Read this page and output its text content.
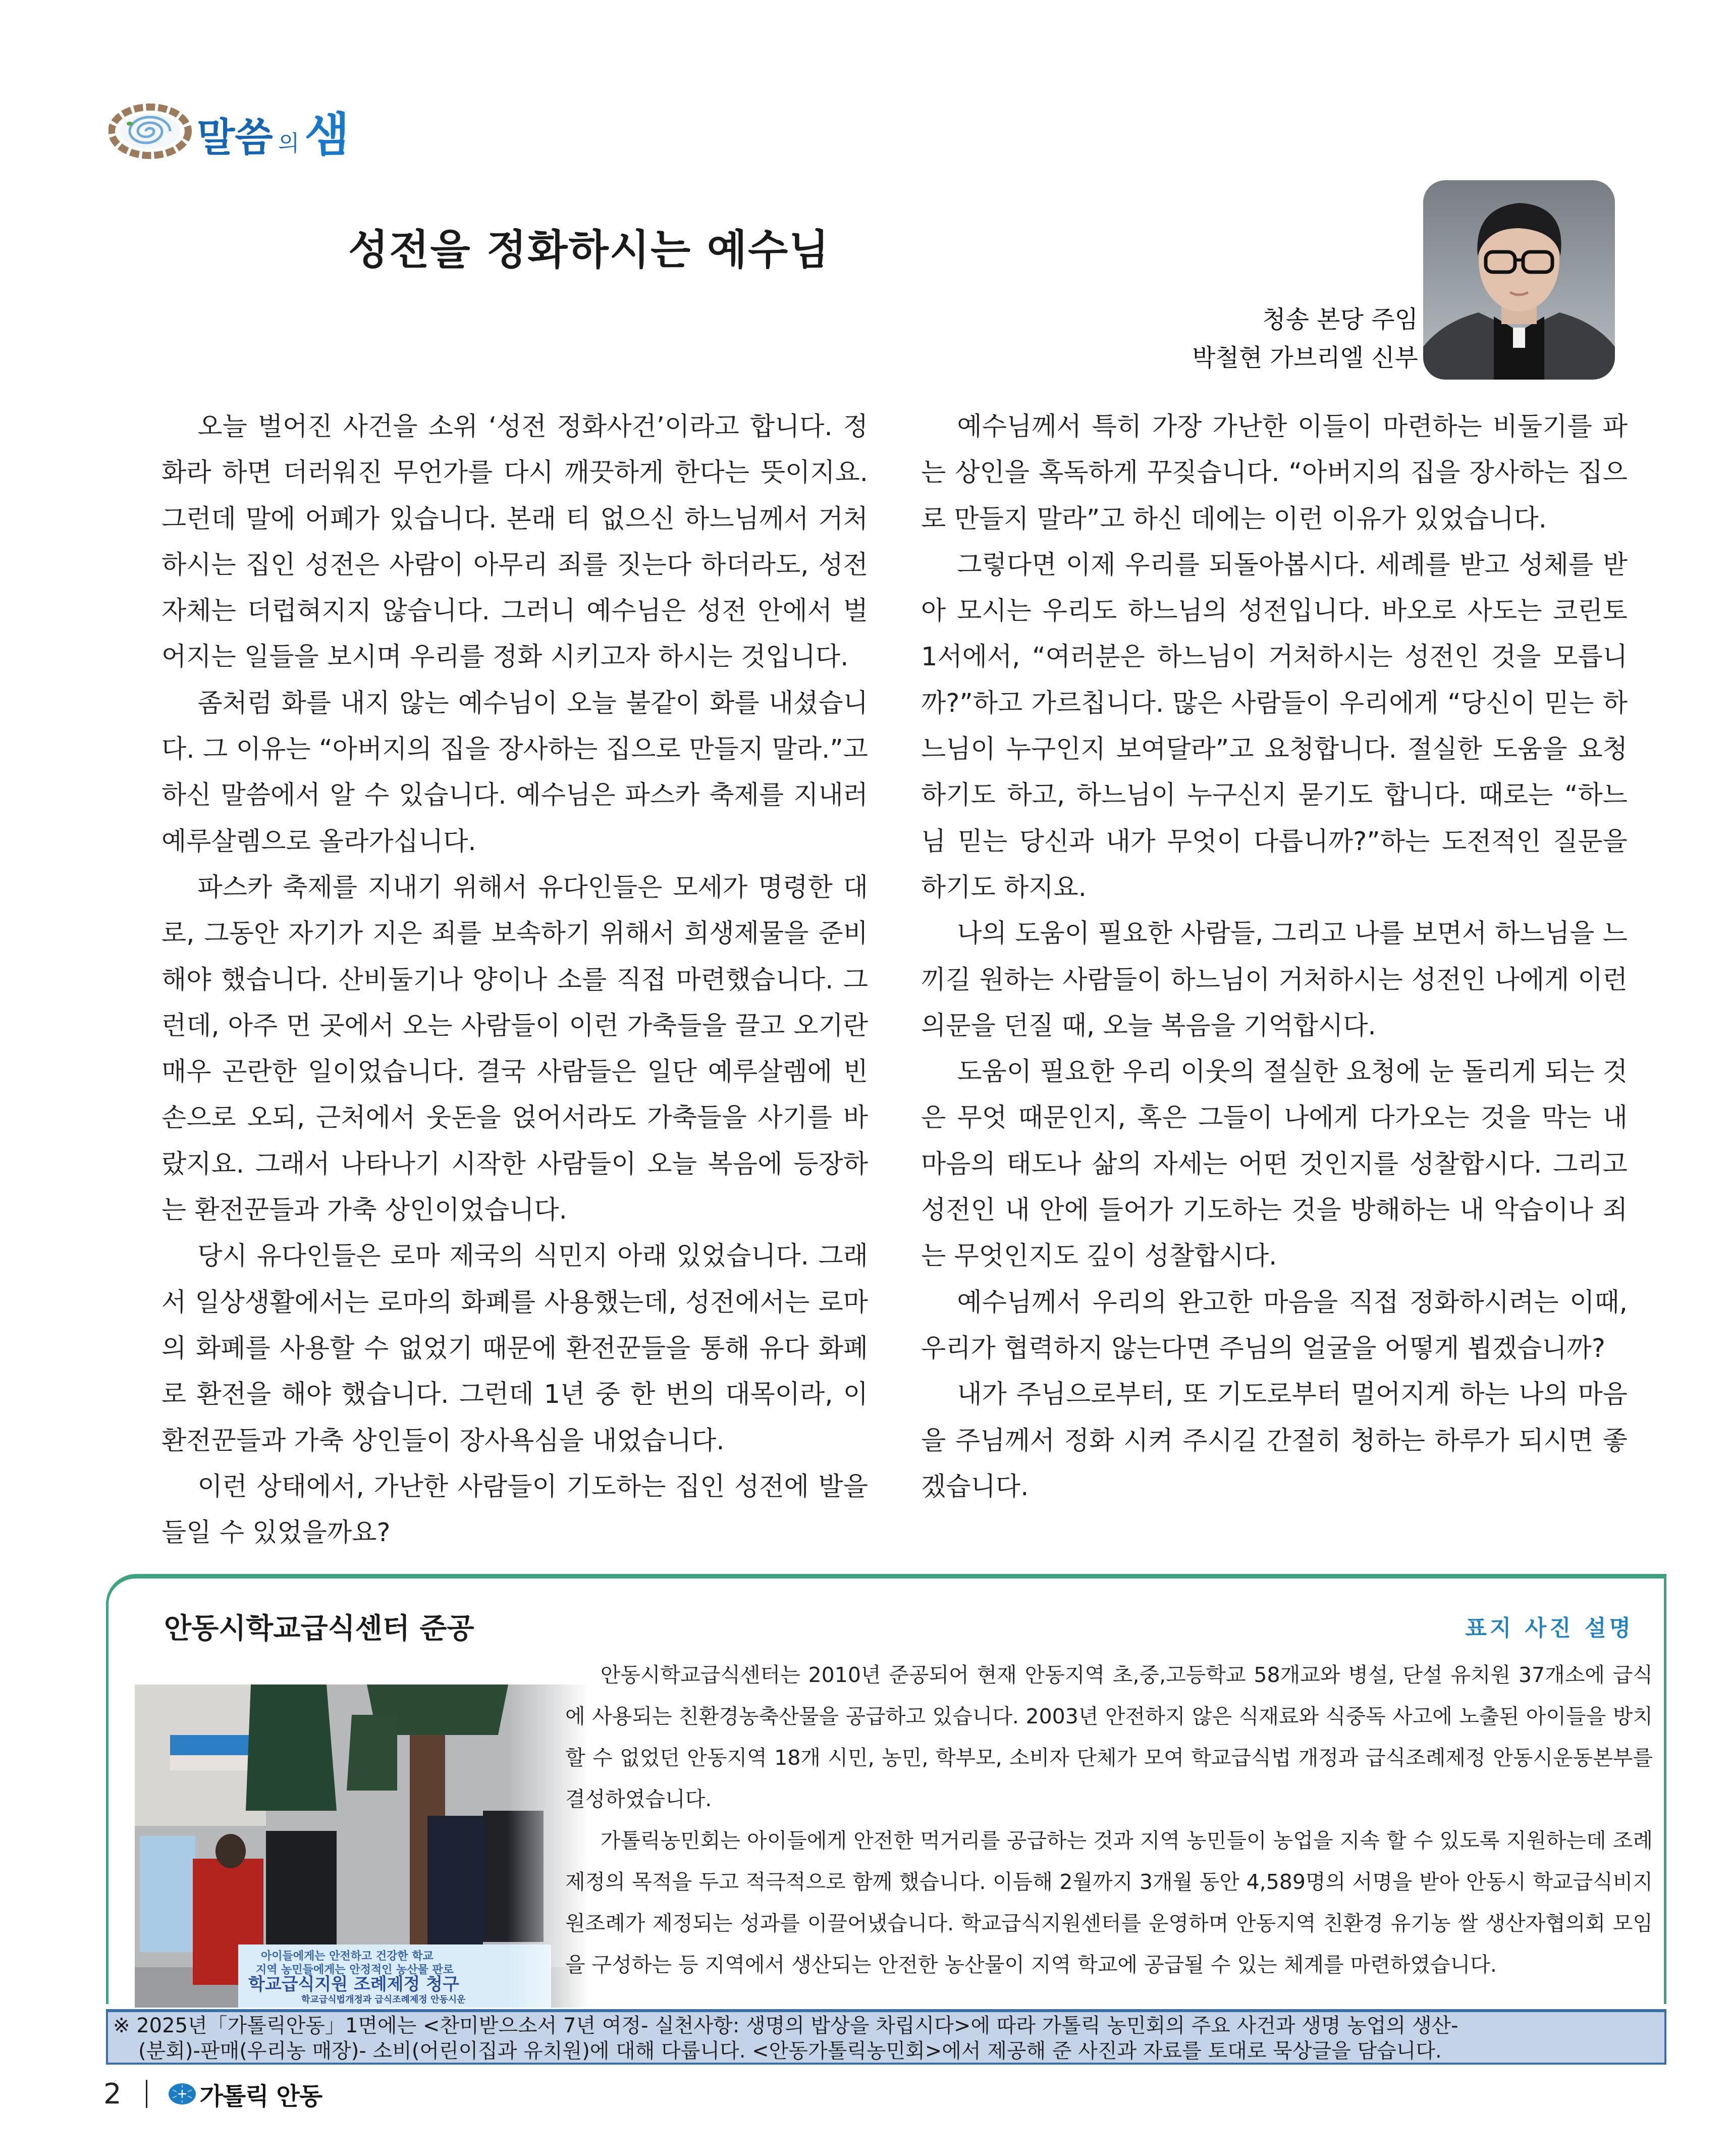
말씀 의 샘
성전을 정화하시는 예수님
청송 본당 주임
박철현 가브리엘 신부

오늘 벌어진 사건을 소위 ‘성전 정화사건’이라고 합니다. 정화라 하면 더러워진 무언가를 다시 깨끗하게 한다는 뜻이지요. 그런데 말에 어폐가 있습니다. 본래 티 없으신 하느님께서 거처하시는 집인 성전은 사람이 아무리 죄를 짓는다 하더라도, 성전 자체는 더럽혀지지 않습니다. 그러니 예수님은 성전 안에서 벌어지는 일들을 보시며 우리를 정화 시키고자 하시는 것입니다.

좀처럼 화를 내지 않는 예수님이 오늘 불같이 화를 내셨습니다. 그 이유는 “아버지의 집을 장사하는 집으로 만들지 말라.”고 하신 말씀에서 알 수 있습니다. 예수님은 파스카 축제를 지내러 예루살렘으로 올라가십니다.

파스카 축제를 지내기 위해서 유다인들은 모세가 명령한 대로, 그동안 자기가 지은 죄를 보속하기 위해서 희생제물을 준비해야 했습니다. 산비둘기나 양이나 소를 직접 마련했습니다. 그런데, 아주 먼 곳에서 오는 사람들이 이런 가축들을 끌고 오기란 매우 곤란한 일이었습니다. 결국 사람들은 일단 예루살렘에 빈손으로 오되, 근처에서 웃돈을 얹어서라도 가축들을 사기를 바랐지요. 그래서 나타나기 시작한 사람들이 오늘 복음에 등장하는 환전꾼들과 가축 상인이었습니다.

당시 유다인들은 로마 제국의 식민지 아래 있었습니다. 그래서 일상생활에서는 로마의 화폐를 사용했는데, 성전에서는 로마의 화폐를 사용할 수 없었기 때문에 환전꾼들을 통해 유다 화폐로 환전을 해야 했습니다. 그런데 1년 중 한 번의 대목이라, 이 환전꾼들과 가축 상인들이 장사욕심을 내었습니다.

이런 상태에서, 가난한 사람들이 기도하는 집인 성전에 발을 들일 수 있었을까요?

예수님께서 특히 가장 가난한 이들이 마련하는 비둘기를 파는 상인을 혹독하게 꾸짖습니다. “아버지의 집을 장사하는 집으로 만들지 말라”고 하신 데에는 이런 이유가 있었습니다.

그렇다면 이제 우리를 되돌아봅시다. 세례를 받고 성체를 받아 모시는 우리도 하느님의 성전입니다. 바오로 사도는 코린토 1서에서, “여러분은 하느님이 거처하시는 성전인 것을 모릅니까?”하고 가르칩니다. 많은 사람들이 우리에게 “당신이 믿는 하느님이 누구인지 보여달라”고 요청합니다. 절실한 도움을 요청하기도 하고, 하느님이 누구신지 묻기도 합니다. 때로는 “하느님 믿는 당신과 내가 무엇이 다릅니까?”하는 도전적인 질문을 하기도 하지요.

나의 도움이 필요한 사람들, 그리고 나를 보면서 하느님을 느끼길 원하는 사람들이 하느님이 거처하시는 성전인 나에게 이런 의문을 던질 때, 오늘 복음을 기억합시다.

도움이 필요한 우리 이웃의 절실한 요청에 눈 돌리게 되는 것은 무엇 때문인지, 혹은 그들이 나에게 다가오는 것을 막는 내 마음의 태도나 삶의 자세는 어떤 것인지를 성찰합시다. 그리고 성전인 내 안에 들어가 기도하는 것을 방해하는 내 악습이나 죄는 무엇인지도 깊이 성찰합시다.

예수님께서 우리의 완고한 마음을 직접 정화하시려는 이때, 우리가 협력하지 않는다면 주님의 얼굴을 어떻게 뵙겠습니까?

내가 주님으로부터, 또 기도로부터 멀어지게 하는 나의 마음을 주님께서 정화 시켜 주시길 간절히 청하는 하루가 되시면 좋겠습니다.

안동시학교급식센터 준공	표지 사진 설명

안동시학교급식센터는 2010년 준공되어 현재 안동지역 초,중,고등학교 58개교와 병설, 단설 유치원 37개소에 급식에 사용되는 친환경농축산물을 공급하고 있습니다. 2003년 안전하지 않은 식재료와 식중독 사고에 노출된 아이들을 방치 할 수 없었던 안동지역 18개 시민, 농민, 학부모, 소비자 단체가 모여 학교급식법 개정과 급식조례제정 안동시운동본부를 결성하였습니다.

가톨릭농민회는 아이들에게 안전한 먹거리를 공급하는 것과 지역 농민들이 농업을 지속 할 수 있도록 지원하는데 조례 제정의 목적을 두고 적극적으로 함께 했습니다. 이듬해 2월까지 3개월 동안 4,589명의 서명을 받아 안동시 학교급식비지원조례가 제정되는 성과를 이끌어냈습니다. 학교급식지원센터를 운영하며 안동지역 친환경 유기농 쌀 생산자협의회 모임을 구성하는 등 지역에서 생산되는 안전한 농산물이 지역 학교에 공급될 수 있는 체계를 마련하였습니다.

※ 2025년「가톨릭안동」1면에는 <찬미받으소서 7년 여정- 실천사항: 생명의 밥상을 차립시다>에 따라 가톨릭 농민회의 주요 사건과 생명 농업의 생산-
(분회)-판매(우리농 매장)- 소비(어린이집과 유치원)에 대해 다룹니다. <안동가톨릭농민회>에서 제공해 준 사진과 자료를 토대로 묵상글을 담습니다.
2	가톨릭 안동
